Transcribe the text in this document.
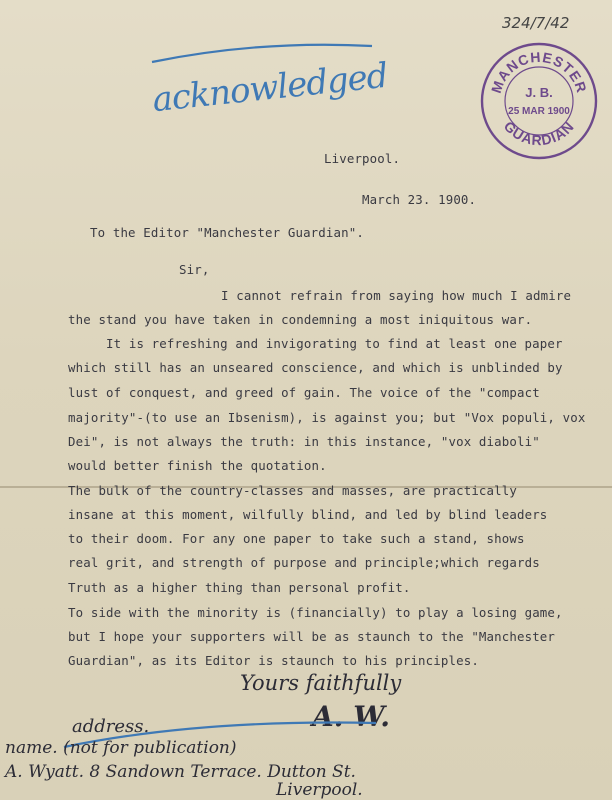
324/7/42
acknowledged	MANCHESTER
GUARDIAN
J. B.
25 MAR 1900
Liverpool.
March 23. 1900.
To the Editor "Manchester Guardian".
Sir,
I cannot refrain from saying how much I admire
the stand you have taken in condemning a most iniquitous war.
It is refreshing and invigorating to find at least one paper
which still has an unseared conscience, and which is unblinded by
lust of conquest, and greed of gain. The voice of the "compact
majority"-(to use an Ibsenism), is against you; but "Vox populi, vox
Dei", is not always the truth: in this instance, "vox diaboli"
would better finish the quotation.
The bulk of the country-classes and masses, are practically
insane at this moment, wilfully blind, and led by blind leaders
to their doom. For any one paper to take such a stand, shows
real grit, and strength of purpose and principle;which regards
Truth as a higher thing than personal profit.
To side with the minority is (financially) to play a losing game,
but I hope your supporters will be as staunch to the "Manchester
Guardian", as its Editor is staunch to his principles.
Yours faithfully
A. W.
address.
name. (not for publication)
A. Wyatt. 8 Sandown Terrace. Dutton St.
Liverpool.
